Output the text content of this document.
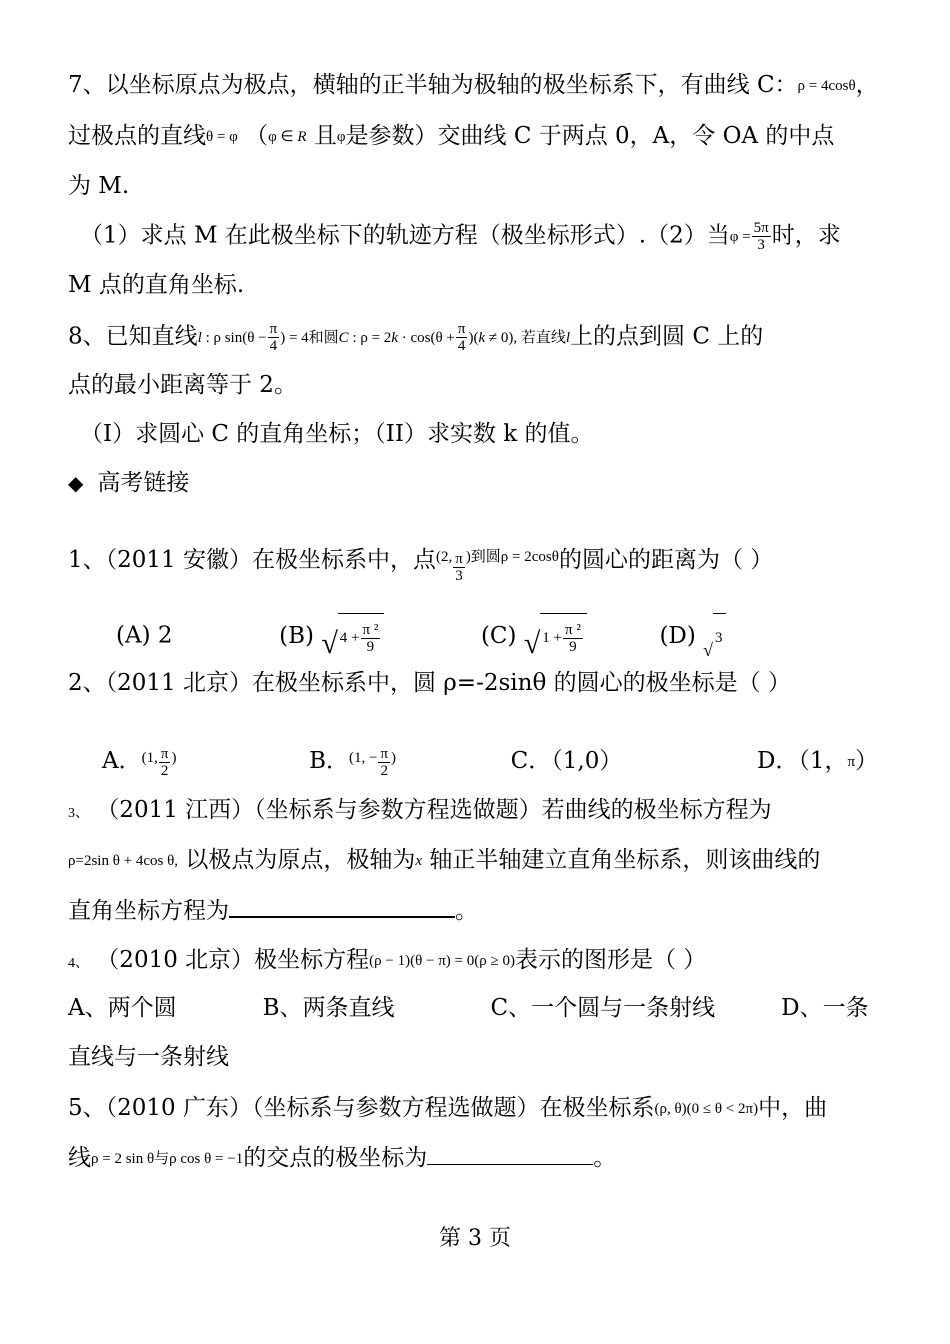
7、以坐标原点为极点，横轴的正半轴为极轴的极坐标系下，有曲线 C：ρ = 4cosθ，
过极点的直线θ = φ （φ ∈ R 且φ是参数）交曲线 C 于两点 0，A，令 OA 的中点
为 M.
（1）求点 M 在此极坐标下的轨迹方程（极坐标形式）.（2）当$\varphi = \frac{5\pi}{3}$ 时，求
M 点的直角坐标.
8、已知直线l : ρ $\sin(\theta - \frac{\pi}{4}$ ) = 4和圆C : $\rho = 2k \cdot \cos(\theta + \frac{\pi}{4} )(k \ne 0)$, 若直线l上的点到圆 C 上的
点的最小距离等于 2。
（I）求圆心 C 的直角坐标；（II）求实数 k 的值。
◆ 高考链接
1、（2011 安徽）在极坐标系中，点(2, $\frac{\pi}{3}$ )到圆ρ = 2cosθ的圆心的距离为（ ）
(A) 2	(B) √ $4 + \frac{\text{π ²}}{9}$	(C) √ $1 + \frac{\text{π ²}}{9}$	(D)
√
3
2、（2011 北京）在极坐标系中，圆 ρ=-2sinθ 的圆心的极坐标是（ ）
A．(1, $\frac{\pi}{2}$ )	B．(1, − $\frac{\pi}{2}$ )	C．（1,0）	D．（1，π）
3、 （2011 江西）（坐标系与参数方程选做题）若曲线的极坐标方程为
ρ=2sin θ + 4cos θ, 以极点为原点，极轴为x 轴正半轴建立直角坐标系，则该曲线的
直角坐标方程为	。
4、 （2010 北京）极坐标方程(ρ − 1)(θ − π) = 0(ρ ≥ 0)表示的图形是（ ）
A、两个圆	B、两条直线	C、一个圆与一条射线	D、一条
直线与一条射线
5、（2010 广东）（坐标系与参数方程选做题）在极坐标系(ρ, θ)(0 ≤ θ < 2π)中，曲
线ρ = 2 sin θ与ρ cos θ = −1的交点的极坐标为	。
第 3 页
